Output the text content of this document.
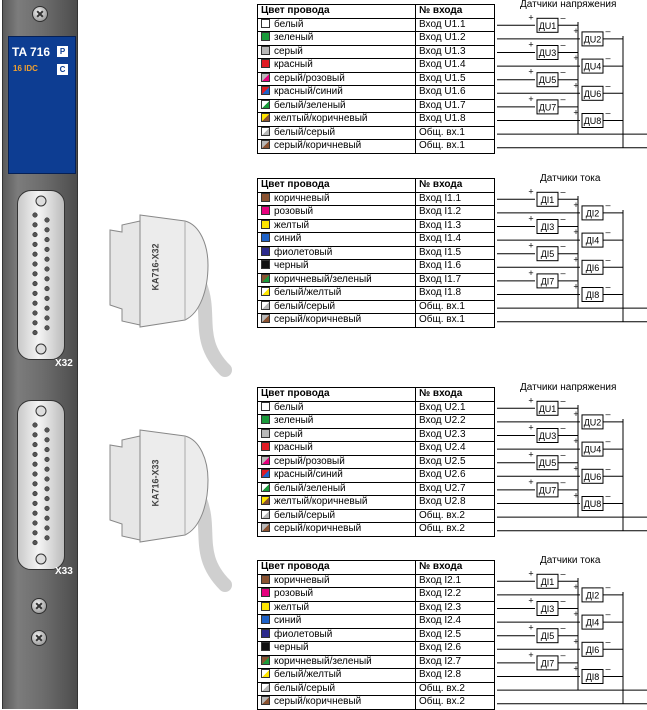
TA 716	P
16 IDC	C
X32
X33
KA716-X32
KA716-X33
Цвет провода	№ входа
белый	Вход U1.1
зеленый	Вход U1.2
серый	Вход U1.3
красный	Вход U1.4
серый/розовый	Вход U1.5
красный/синий	Вход U1.6
белый/зеленый	Вход U1.7
желтый/коричневый	Вход U1.8
белый/серый	Общ. вх.1
серый/коричневый	Общ. вх.1
Датчики напряжения
ДU1
+	–
ДU2
+	–
ДU3
+	–
ДU4
+	–
ДU5
+	–
ДU6
+	–
ДU7
+	–
ДU8
+	–
Цвет провода	№ входа
коричневый	Вход I1.1
розовый	Вход I1.2
желтый	Вход I1.3
синий	Вход I1.4
фиолетовый	Вход I1.5
черный	Вход I1.6
коричневый/зеленый	Вход I1.7
белый/желтый	Вход I1.8
белый/серый	Общ. вх.1
серый/коричневый	Общ. вх.1
Датчики тока
ДI1
+	–
ДI2
+	–
ДI3
+	–
ДI4
+	–
ДI5
+	–
ДI6
+	–
ДI7
+	–
ДI8
+	–
Цвет провода	№ входа
белый	Вход U2.1
зеленый	Вход U2.2
серый	Вход U2.3
красный	Вход U2.4
серый/розовый	Вход U2.5
красный/синий	Вход U2.6
белый/зеленый	Вход U2.7
желтый/коричневый	Вход U2.8
белый/серый	Общ. вх.2
серый/коричневый	Общ. вх.2
Датчики напряжения
ДU1
+	–
ДU2
+	–
ДU3
+	–
ДU4
+	–
ДU5
+	–
ДU6
+	–
ДU7
+	–
ДU8
+	–
Цвет провода	№ входа
коричневый	Вход I2.1
розовый	Вход I2.2
желтый	Вход I2.3
синий	Вход I2.4
фиолетовый	Вход I2.5
черный	Вход I2.6
коричневый/зеленый	Вход I2.7
белый/желтый	Вход I2.8
белый/серый	Общ. вх.2
серый/коричневый	Общ. вх.2
Датчики тока
ДI1
+	–
ДI2
+	–
ДI3
+	–
ДI4
+	–
ДI5
+	–
ДI6
+	–
ДI7
+	–
ДI8
+	–
